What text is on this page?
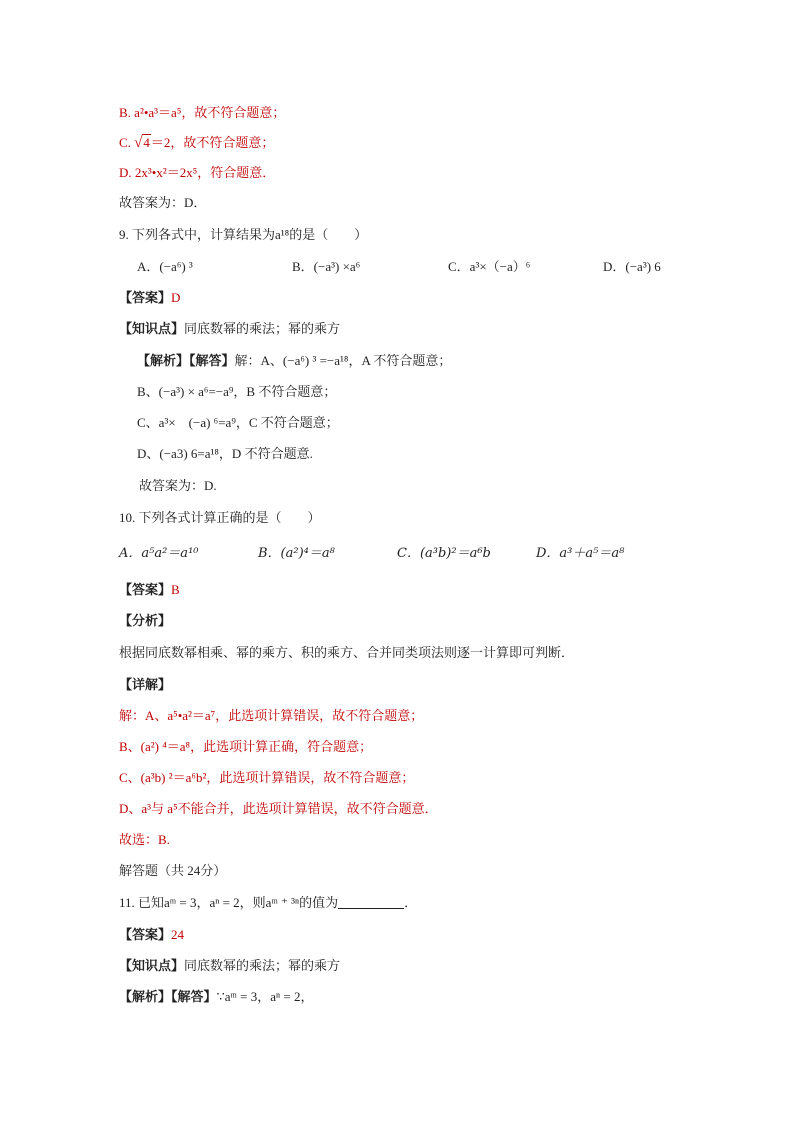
B. a²•a³＝a⁵，故不符合题意；
C. √4＝2，故不符合题意；
D. 2x³•x²＝2x⁵，符合题意．
故答案为：D．
9. 下列各式中，计算结果为a¹⁸的是（　　）
A．(−a⁶) ³	B．(−a³) ×a⁶	C．a³×（−a）⁶	D．(−a³) 6
【答案】D
【知识点】同底数幂的乘法；幂的乘方
【解析】【解答】解：A、(−a⁶) ³ =−a¹⁸，A 不符合题意；
B、(−a³) × a⁶=−a⁹，B 不符合题意；
C、a³×　(−a) ⁶=a⁹，C 不符合题意；
D、(−a3) 6=a¹⁸，D 不符合题意.
故答案为：D.
10. 下列各式计算正确的是（　　）
A．a⁵a²＝a¹⁰	B．(a²)⁴＝a⁸	C．(a³b)²＝a⁶b	D．a³＋a⁵＝a⁸
【答案】B
【分析】
根据同底数幂相乘、幂的乘方、积的乘方、合并同类项法则逐一计算即可判断．
【详解】
解：A、a⁵•a²＝a⁷，此选项计算错误，故不符合题意；
B、(a²) ⁴＝a⁸，此选项计算正确，符合题意；
C、(a³b) ²＝a⁶b²，此选项计算错误，故不符合题意；
D、a³与 a⁵不能合并，此选项计算错误，故不符合题意．
故选：B.
解答题（共 24分）
11. 已知aᵐ = 3，aⁿ = 2，则aᵐ ⁺ ³ⁿ的值为	．
【答案】24
【知识点】同底数幂的乘法；幂的乘方
【解析】【解答】∵aᵐ = 3，aⁿ = 2，
